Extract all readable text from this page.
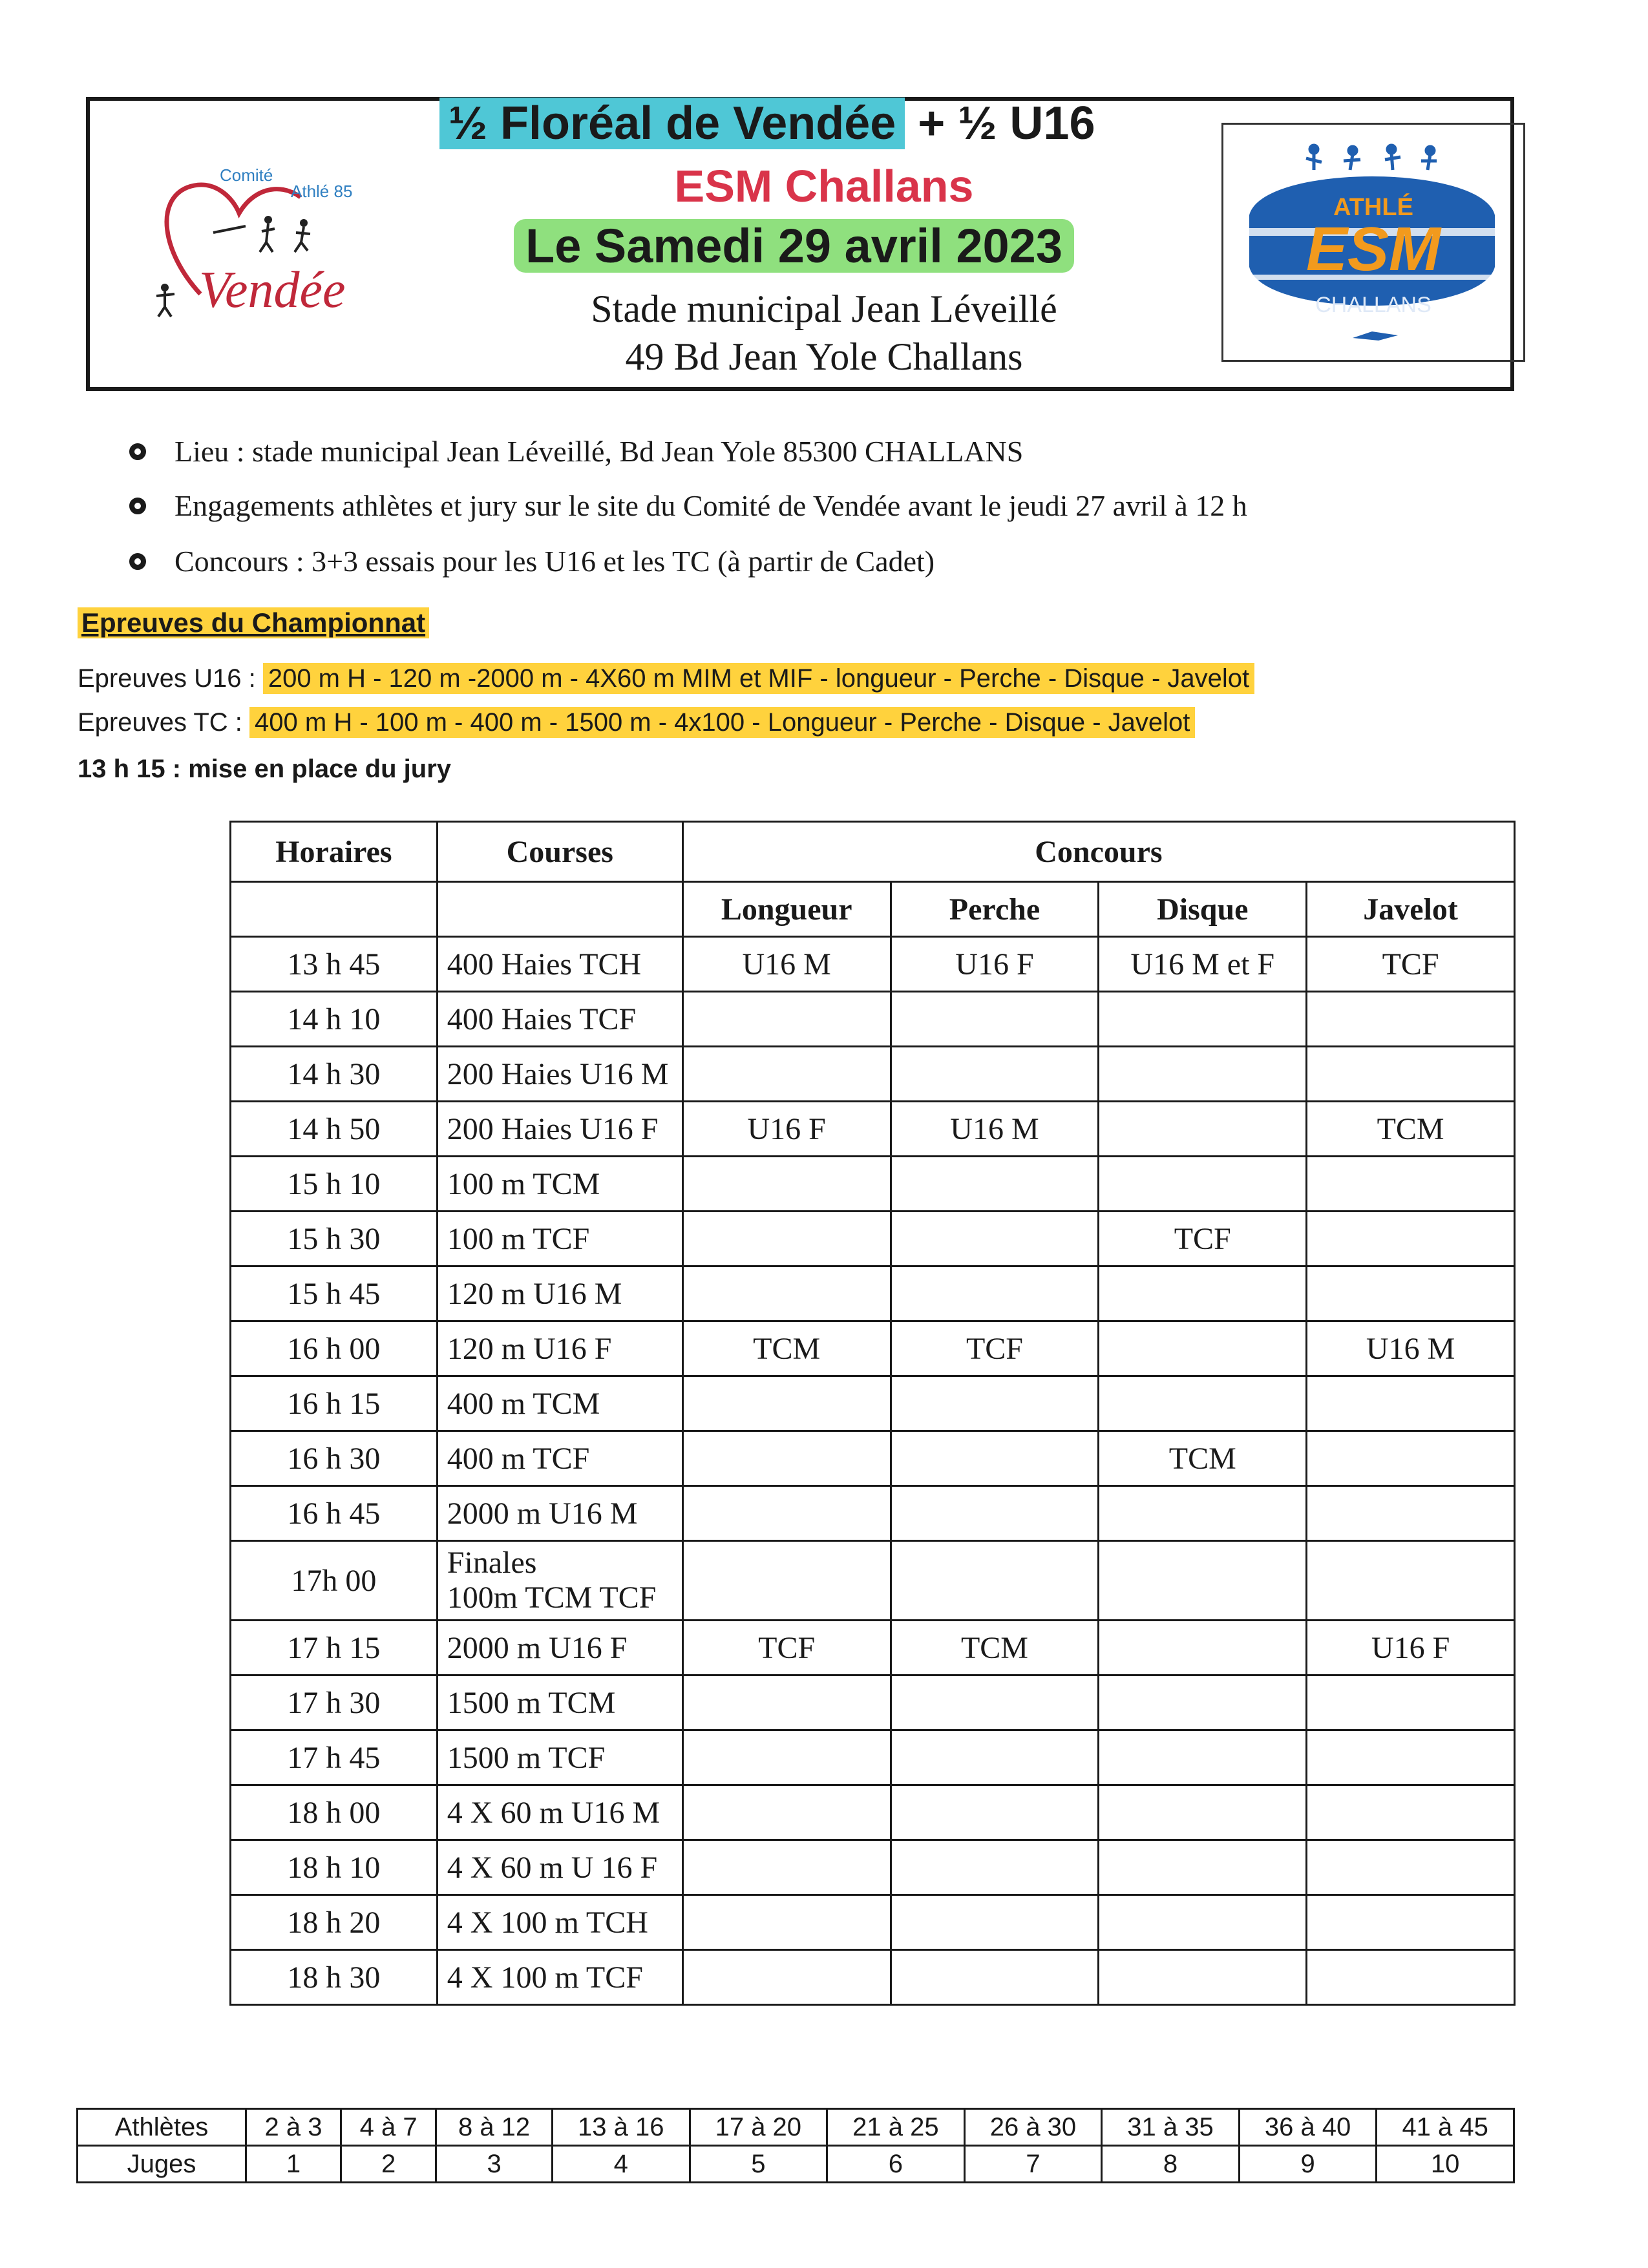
Comité
Athlé 85
Vendée
½ Floréal de Vendée + ½ U16
ESM Challans
Le Samedi 29 avril 2023
Stade municipal Jean Léveillé
49 Bd Jean Yole Challans
ATHLÉ
ESM
CHALLANS
Lieu : stade municipal Jean Léveillé, Bd Jean Yole 85300 CHALLANS
Engagements athlètes et jury sur le site du Comité de Vendée avant le jeudi 27 avril à 12 h
Concours : 3+3 essais pour les U16 et les TC (à partir de Cadet)
Epreuves du Championnat
Epreuves U16 : 200 m H - 120 m -2000 m - 4X60 m MIM et MIF - longueur - Perche - Disque - Javelot
Epreuves TC : 400 m H - 100 m - 400 m - 1500 m - 4x100 - Longueur - Perche - Disque - Javelot
13 h 15 : mise en place du jury
Horaires	Courses	Concours			
		Longueur	Perche	Disque	Javelot
13 h 45	400 Haies TCH	U16 M	U16 F	U16 M et F	TCF
14 h 10	400 Haies TCF				
14 h 30	200 Haies U16 M				
14 h 50	200 Haies U16 F	U16 F	U16 M		TCM
15 h 10	100 m TCM				
15 h 30	100 m TCF			TCF	
15 h 45	120 m U16 M				
16 h 00	120 m U16 F	TCM	TCF		U16 M
16 h 15	400 m TCM				
16 h 30	400 m TCF			TCM	
16 h 45	2000 m U16 M				
17h 00	Finales
100m TCM TCF				
17 h 15	2000 m U16 F	TCF	TCM		U16 F
17 h 30	1500 m TCM				
17 h 45	1500 m TCF				
18 h 00	4 X 60 m U16 M				
18 h 10	4 X 60 m U 16 F				
18 h 20	4 X 100 m TCH				
18 h 30	4 X 100 m TCF				
Athlètes	2 à 3	4 à 7	8 à 12	13 à 16	17 à 20	21 à 25	26 à 30	31 à 35	36 à 40	41 à 45
Juges	1	2	3	4	5	6	7	8	9	10
